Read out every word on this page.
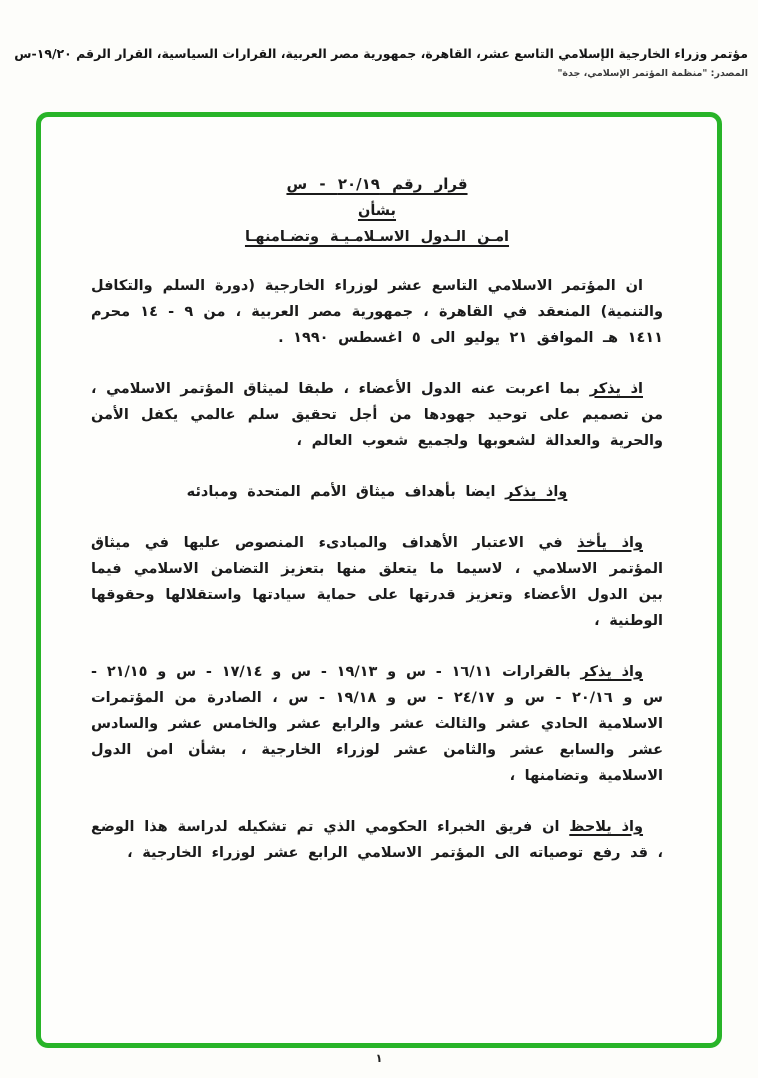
مؤتمر وزراء الخارجية الإسلامي التاسع عشر، القاهرة، جمهورية مصر العربية، القرارات السياسية، القرار الرقم ١٩/٢٠-س
المصدر: "منظمة المؤتمر الإسلامي، جدة"
قرار رقم ٢٠/١٩ - س
بشأن
امـن الـدول الاسـلامـيـة وتضـامنهـا

ان المؤتمر الاسلامي التاسع عشر لوزراء الخارجية (دورة السلم والتكافل والتنمية) المنعقد في القاهرة ، جمهورية مصر العربية ، من ٩ - ١٤ محرم ١٤١١ هـ الموافق ٢١ يوليو الى ٥ اغسطس ١٩٩٠ .

اذ يذكر بما اعربت عنه الدول الأعضاء ، طبقا لميثاق المؤتمر الاسلامي ، من تصميم على توحيد جهودها من أجل تحقيق سلم عالمي يكفل الأمن والحرية والعدالة لشعوبها ولجميع شعوب العالم ،

واذ يذكر ايضا بأهداف ميثاق الأمم المتحدة ومبادئه

واذ يأخذ في الاعتبار الأهداف والمبادىء المنصوص عليها في ميثاق المؤتمر الاسلامي ، لاسيما ما يتعلق منها بتعزيز التضامن الاسلامي فيما بين الدول الأعضاء وتعزيز قدرتها على حماية سيادتها واستقلالها وحقوقها الوطنية ،

واذ يذكر بالقرارات ١٦/١١ - س و ١٩/١٣ - س و ١٧/١٤ - س و ٢١/١٥ - س و ٢٠/١٦ - س و ٢٤/١٧ - س و ١٩/١٨ - س ، الصادرة من المؤتمرات الاسلامية الحادي عشر والثالث عشر والرابع عشر والخامس عشر والسادس عشر والسابع عشر والثامن عشر لوزراء الخارجية ، بشأن امن الدول الاسلامية وتضامنها ،

واذ يلاحظ ان فريق الخبراء الحكومي الذي تم تشكيله لدراسة هذا الوضع ، قد رفع توصياته الى المؤتمر الاسلامي الرابع عشر لوزراء الخارجية ،

١
